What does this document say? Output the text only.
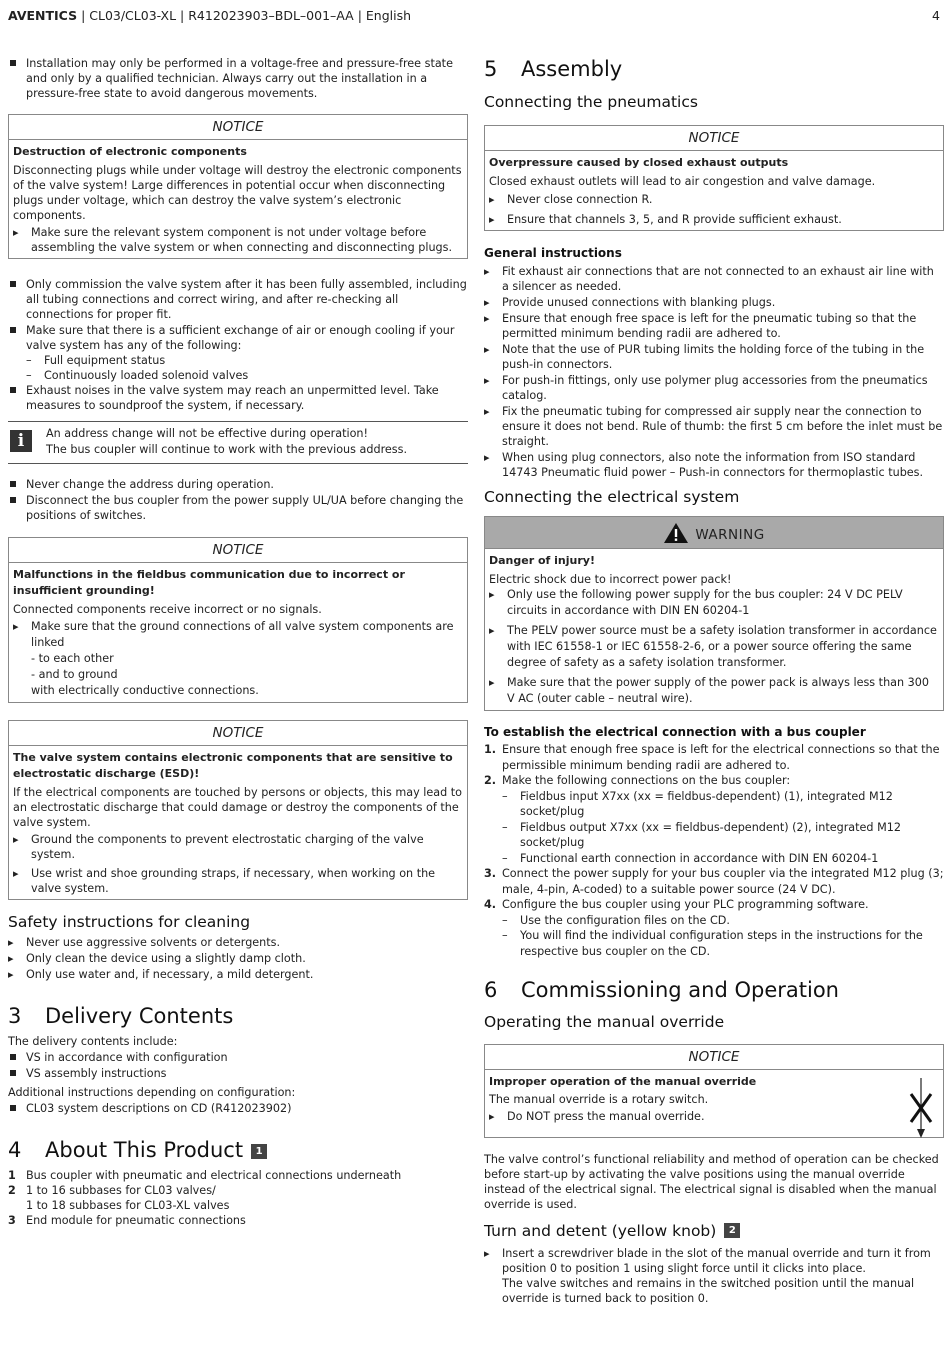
AVENTICS | CL03/CL03-XL | R412023903–BDL–001–AA | English	4
Installation may only be performed in a voltage-free and pressure-free state and only by a qualified technician. Always carry out the installation in a pressure-free state to avoid dangerous movements.
NOTICE
Destruction of electronic components
Disconnecting plugs while under voltage will destroy the electronic components of the valve system! Large differences in potential occur when disconnecting plugs under voltage, which can destroy the valve system’s electronic components.
▸ Make sure the relevant system component is not under voltage before assembling the valve system or when connecting and disconnecting plugs.
Only commission the valve system after it has been fully assembled, including all tubing connections and correct wiring, and after re-checking all connections for proper fit.
Make sure that there is a sufficient exchange of air or enough cooling if your valve system has any of the following:
– Full equipment status
– Continuously loaded solenoid valves
Exhaust noises in the valve system may reach an unpermitted level. Take measures to soundproof the system, if necessary.
i	An address change will not be effective during operation!
The bus coupler will continue to work with the previous address.
Never change the address during operation.
Disconnect the bus coupler from the power supply UL/UA before changing the positions of switches.
NOTICE
Malfunctions in the fieldbus communication due to incorrect or insufficient grounding!
Connected components receive incorrect or no signals.
▸ Make sure that the ground connections of all valve system components are linked
- to each other
- and to ground
with electrically conductive connections.
NOTICE
The valve system contains electronic components that are sensitive to electrostatic discharge (ESD)!
If the electrical components are touched by persons or objects, this may lead to an electrostatic discharge that could damage or destroy the components of the valve system.
▸ Ground the components to prevent electrostatic charging of the valve system.
▸ Use wrist and shoe grounding straps, if necessary, when working on the valve system.
Safety instructions for cleaning
▸ Never use aggressive solvents or detergents.
▸ Only clean the device using a slightly damp cloth.
▸ Only use water and, if necessary, a mild detergent.
3 Delivery Contents
The delivery contents include:
VS in accordance with configuration
VS assembly instructions
Additional instructions depending on configuration:
CL03 system descriptions on CD (R412023902)
4 About This Product 1
1 Bus coupler with pneumatic and electrical connections underneath
2 1 to 16 subbases for CL03 valves/
1 to 18 subbases for CL03-XL valves
3 End module for pneumatic connections
5 Assembly
Connecting the pneumatics
NOTICE
Overpressure caused by closed exhaust outputs
Closed exhaust outlets will lead to air congestion and valve damage.
▸ Never close connection R.
▸ Ensure that channels 3, 5, and R provide sufficient exhaust.
General instructions
▸ Fit exhaust air connections that are not connected to an exhaust air line with a silencer as needed.
▸ Provide unused connections with blanking plugs.
▸ Ensure that enough free space is left for the pneumatic tubing so that the permitted minimum bending radii are adhered to.
▸ Note that the use of PUR tubing limits the holding force of the tubing in the push-in connectors.
▸ For push-in fittings, only use polymer plug accessories from the pneumatics catalog.
▸ Fix the pneumatic tubing for compressed air supply near the connection to ensure it does not bend. Rule of thumb: the first 5 cm before the inlet must be straight.
▸ When using plug connectors, also note the information from ISO standard 14743 Pneumatic fluid power – Push-in connectors for thermoplastic tubes.
Connecting the electrical system
WARNING
Danger of injury!
Electric shock due to incorrect power pack!
▸ Only use the following power supply for the bus coupler: 24 V DC PELV circuits in accordance with DIN EN 60204-1
▸ The PELV power source must be a safety isolation transformer in accordance with IEC 61558-1 or IEC 61558-2-6, or a power source offering the same degree of safety as a safety isolation transformer.
▸ Make sure that the power supply of the power pack is always less than 300 V AC (outer cable – neutral wire).
To establish the electrical connection with a bus coupler
1. Ensure that enough free space is left for the electrical connections so that the permissible minimum bending radii are adhered to.
2. Make the following connections on the bus coupler:
– Fieldbus input X7xx (xx = fieldbus-dependent) (1), integrated M12 socket/plug
– Fieldbus output X7xx (xx = fieldbus-dependent) (2), integrated M12 socket/plug
– Functional earth connection in accordance with DIN EN 60204-1
3. Connect the power supply for your bus coupler via the integrated M12 plug (3; male, 4-pin, A-coded) to a suitable power source (24 V DC).
4. Configure the bus coupler using your PLC programming software.
– Use the configuration files on the CD.
– You will find the individual configuration steps in the instructions for the respective bus coupler on the CD.
6 Commissioning and Operation
Operating the manual override
NOTICE
Improper operation of the manual override
The manual override is a rotary switch.
▸ Do NOT press the manual override.
The valve control’s functional reliability and method of operation can be checked before start-up by activating the valve positions using the manual override instead of the electrical signal. The electrical signal is disabled when the manual override is used.
Turn and detent (yellow knob) 2
▸ Insert a screwdriver blade in the slot of the manual override and turn it from position 0 to position 1 using slight force until it clicks into place.
The valve switches and remains in the switched position until the manual override is turned back to position 0.
